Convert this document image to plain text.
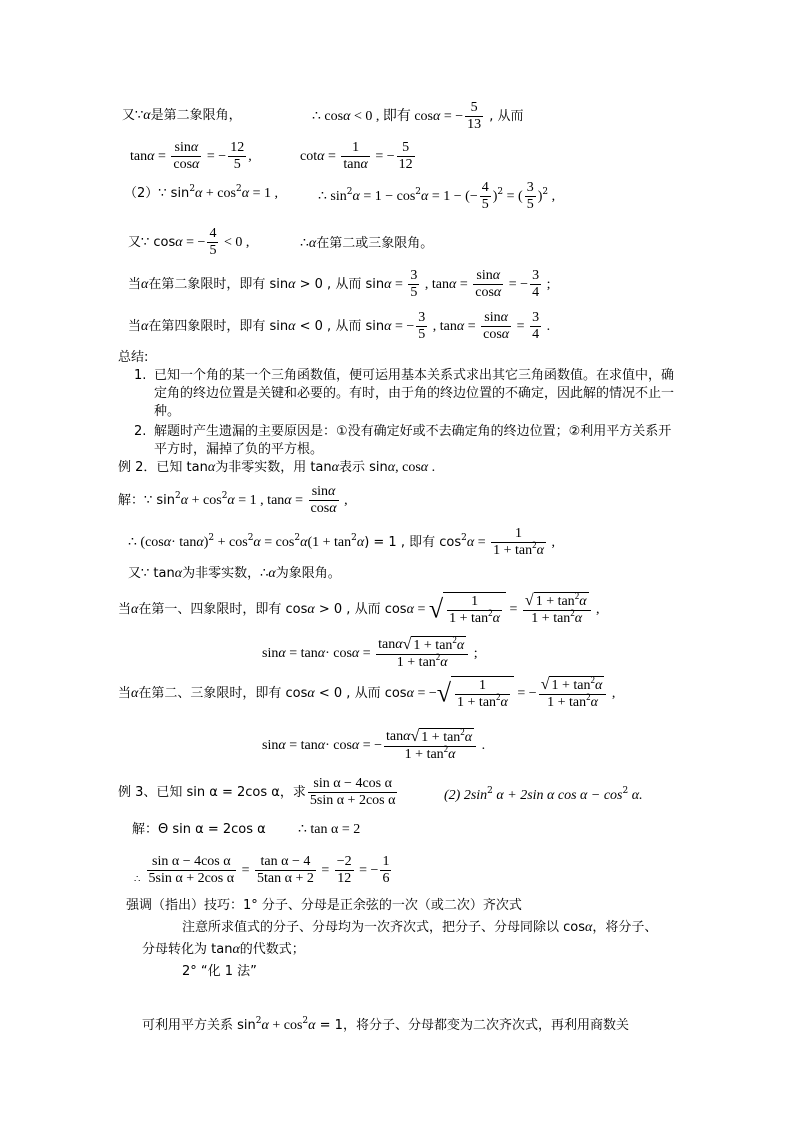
又∵α是第二象限角，	∴ cosα < 0 , 即有 cosα = − $\frac{5}{13}$ , 从而
$\tan\alpha = \frac{\sin\alpha}{\cos\alpha}$ = − $\frac{12}{5}$ ,	$\cot\alpha = \frac{1}{\tan\alpha}$ = − $\frac{5}{12}$
（2）∵ $\sin^2\alpha + \cos^2\alpha = 1$ ,	∴ $\sin^2\alpha = 1 - \cos^2\alpha = 1$ − (− $\frac{4}{5} )^2$ = ( $\frac{3}{5} )^2$ ,
又∵ cosα = − $\frac{4}{5} < 0$ ,	∴α在第二或三象限角。
当α在第二象限时，即有 sinα > 0 , 从而 $\sin\alpha = \frac{3}{5}$ , $\tan\alpha = \frac{\sin\alpha}{\cos\alpha}$ = − $\frac{3}{4}$ ;
当α在第四象限时，即有 sinα < 0 , 从而 sinα = − $\frac{3}{5}$ , $\tan\alpha = \frac{\sin\alpha}{\cos\alpha} = \frac{3}{4}$ .
总结:
1. 已知一个角的某一个三角函数值，便可运用基本关系式求出其它三角函数值。在求值中，确定角的终边位置是关键和必要的。有时，由于角的终边位置的不确定，因此解的情况不止一种。
2. 解题时产生遗漏的主要原因是：①没有确定好或不去确定角的终边位置；②利用平方关系开平方时，漏掉了负的平方根。
例 2．已知 tanα为非零实数，用 tanα表示 sinα, cosα .
解：∵ $\sin^2\alpha + \cos^2\alpha = 1$ , $\tan\alpha = \frac{\sin\alpha}{\cos\alpha}$ ,
∴ $(\cos\alpha\cdot \tan\alpha)^2 + \cos^2\alpha = \cos^2\alpha(1 + \tan^2\alpha) = 1$ , 即有 $\cos^2\alpha = \frac{1}{1 + \tan^2\alpha}$ ,
又∵ tanα为非零实数，∴α为象限角。
当α在第一、四象限时，即有 cosα > 0 , 从而 cosα = √ $\frac{1}{1 + \tan^2\alpha} = \frac{√ 1 + \tan^2\alpha}{1 + \tan^2\alpha}$ ,
$\sin\alpha = \tan\alpha\cdot \cos\alpha = \frac{\tan\alpha√ 1 + \tan^2\alpha}{1 + \tan^2\alpha}$ ;
当α在第二、三象限时，即有 cosα < 0 , 从而 cosα = −√ $\frac{1}{1 + \tan^2\alpha}$ = − $\frac{√ 1 + \tan^2\alpha}{1 + \tan^2\alpha}$ ,
sinα = tanα· cosα = − $\frac{\tan\alpha√ 1 + \tan^2\alpha}{1 + \tan^2\alpha}$ .
例 3、已知 sin α = 2cos α，求 $\frac{\text{sin α − 4cos α}}{\text{5sin α + 2cos α}}$	(2) $2\sin^2$ α + 2sin α $\cos \alpha - \cos^2 \alpha$.
解：Θ sin α = 2cos α ∴ tan α = 2
$_\therefore \frac{\text{sin α − 4cos α}}{\text{5sin α + 2cos α}} = \frac{\text{tan α − 4}}{\text{5tan α + 2}} = \frac{-2}{12}$ = − $\frac{1}{6}$
强调（指出）技巧：1° 分子、分母是正余弦的一次（或二次）齐次式
注意所求值式的分子、分母均为一次齐次式，把分子、分母同除以 cosα，将分子、
分母转化为 tanα的代数式；
2° “化 1 法”
可利用平方关系 $\sin^2\alpha + \cos^2\alpha = 1$，将分子、分母都变为二次齐次式，再利用商数关
